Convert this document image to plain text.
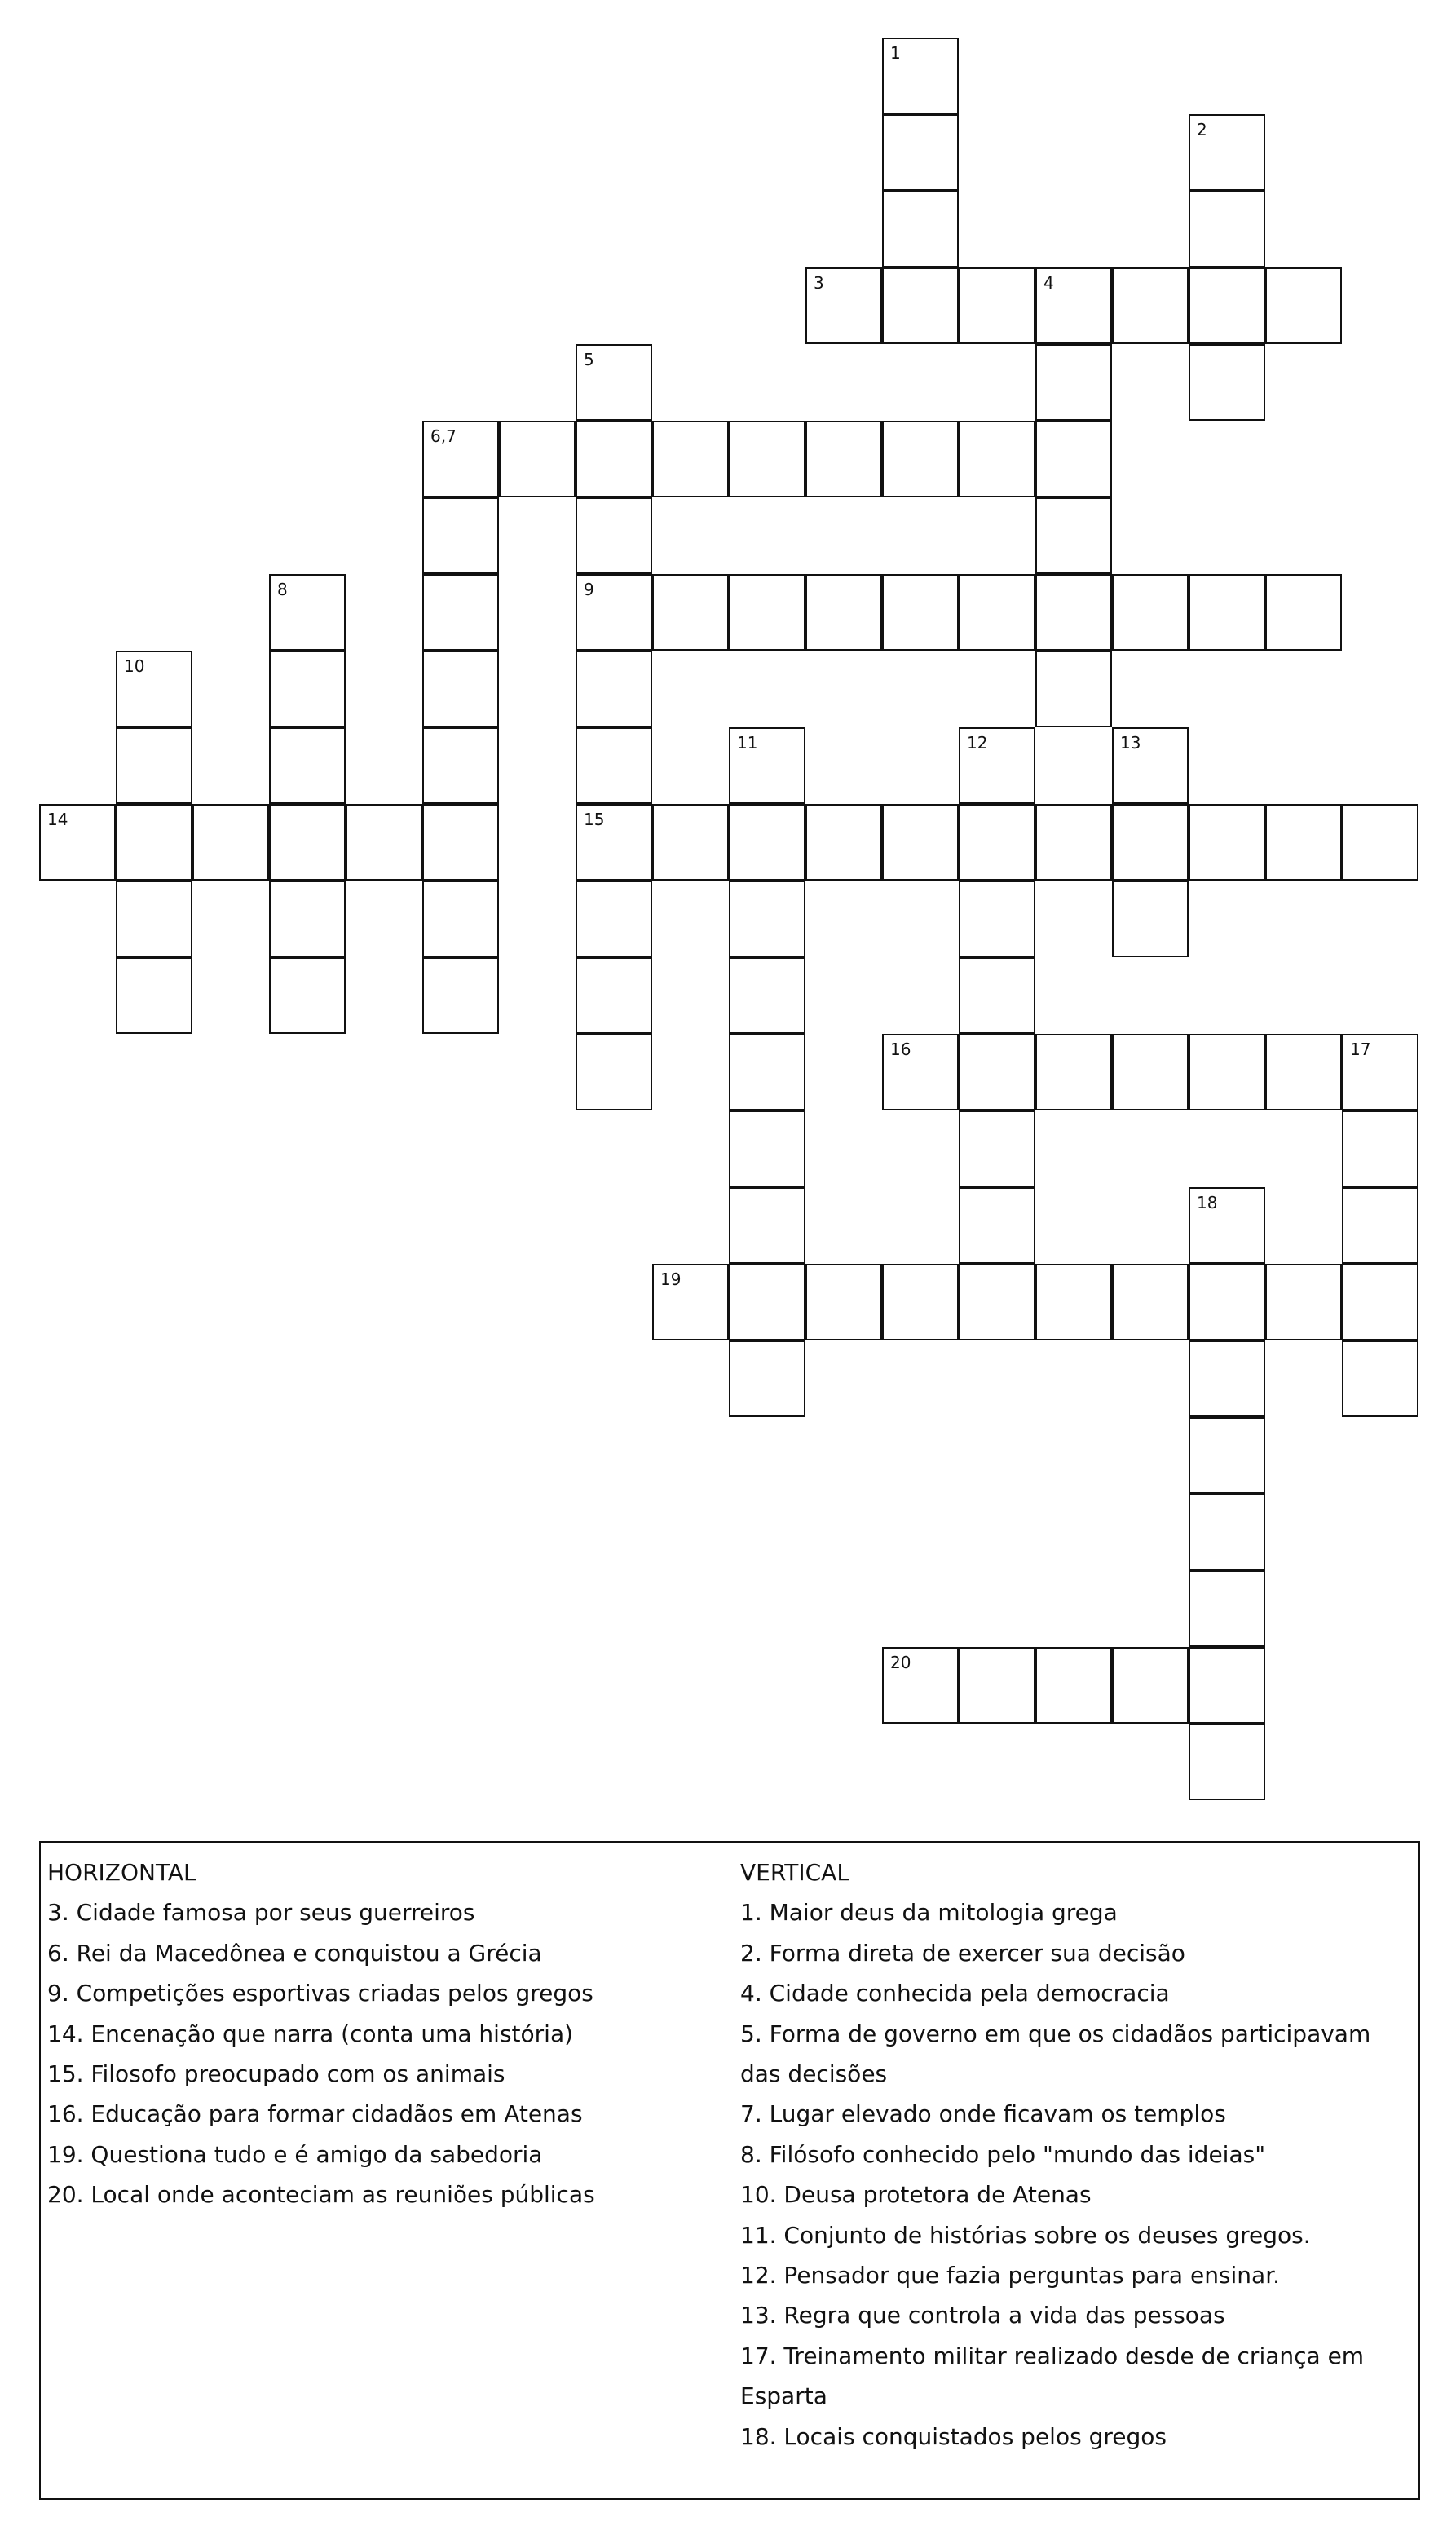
1
2
3	4
5
9
15
6,7
8
10
11	12	13
14
16	17
18
19
20
HORIZONTAL
3. Cidade famosa por seus guerreiros
6. Rei da Macedônea e conquistou a Grécia
9. Competições esportivas criadas pelos gregos
14. Encenação que narra (conta uma história)
15. Filosofo preocupado com os animais
16. Educação para formar cidadãos em Atenas
19. Questiona tudo e é amigo da sabedoria
20. Local onde aconteciam as reuniões públicas
VERTICAL
1. Maior deus da mitologia grega
2. Forma direta de exercer sua decisão
4. Cidade conhecida pela democracia
5. Forma de governo em que os cidadãos participavam das decisões
7. Lugar elevado onde ficavam os templos
8. Filósofo conhecido pelo "mundo das ideias"
10. Deusa protetora de Atenas
11. Conjunto de histórias sobre os deuses gregos.
12. Pensador que fazia perguntas para ensinar.
13. Regra que controla a vida das pessoas
17. Treinamento militar realizado desde de criança em Esparta
18. Locais conquistados pelos gregos
